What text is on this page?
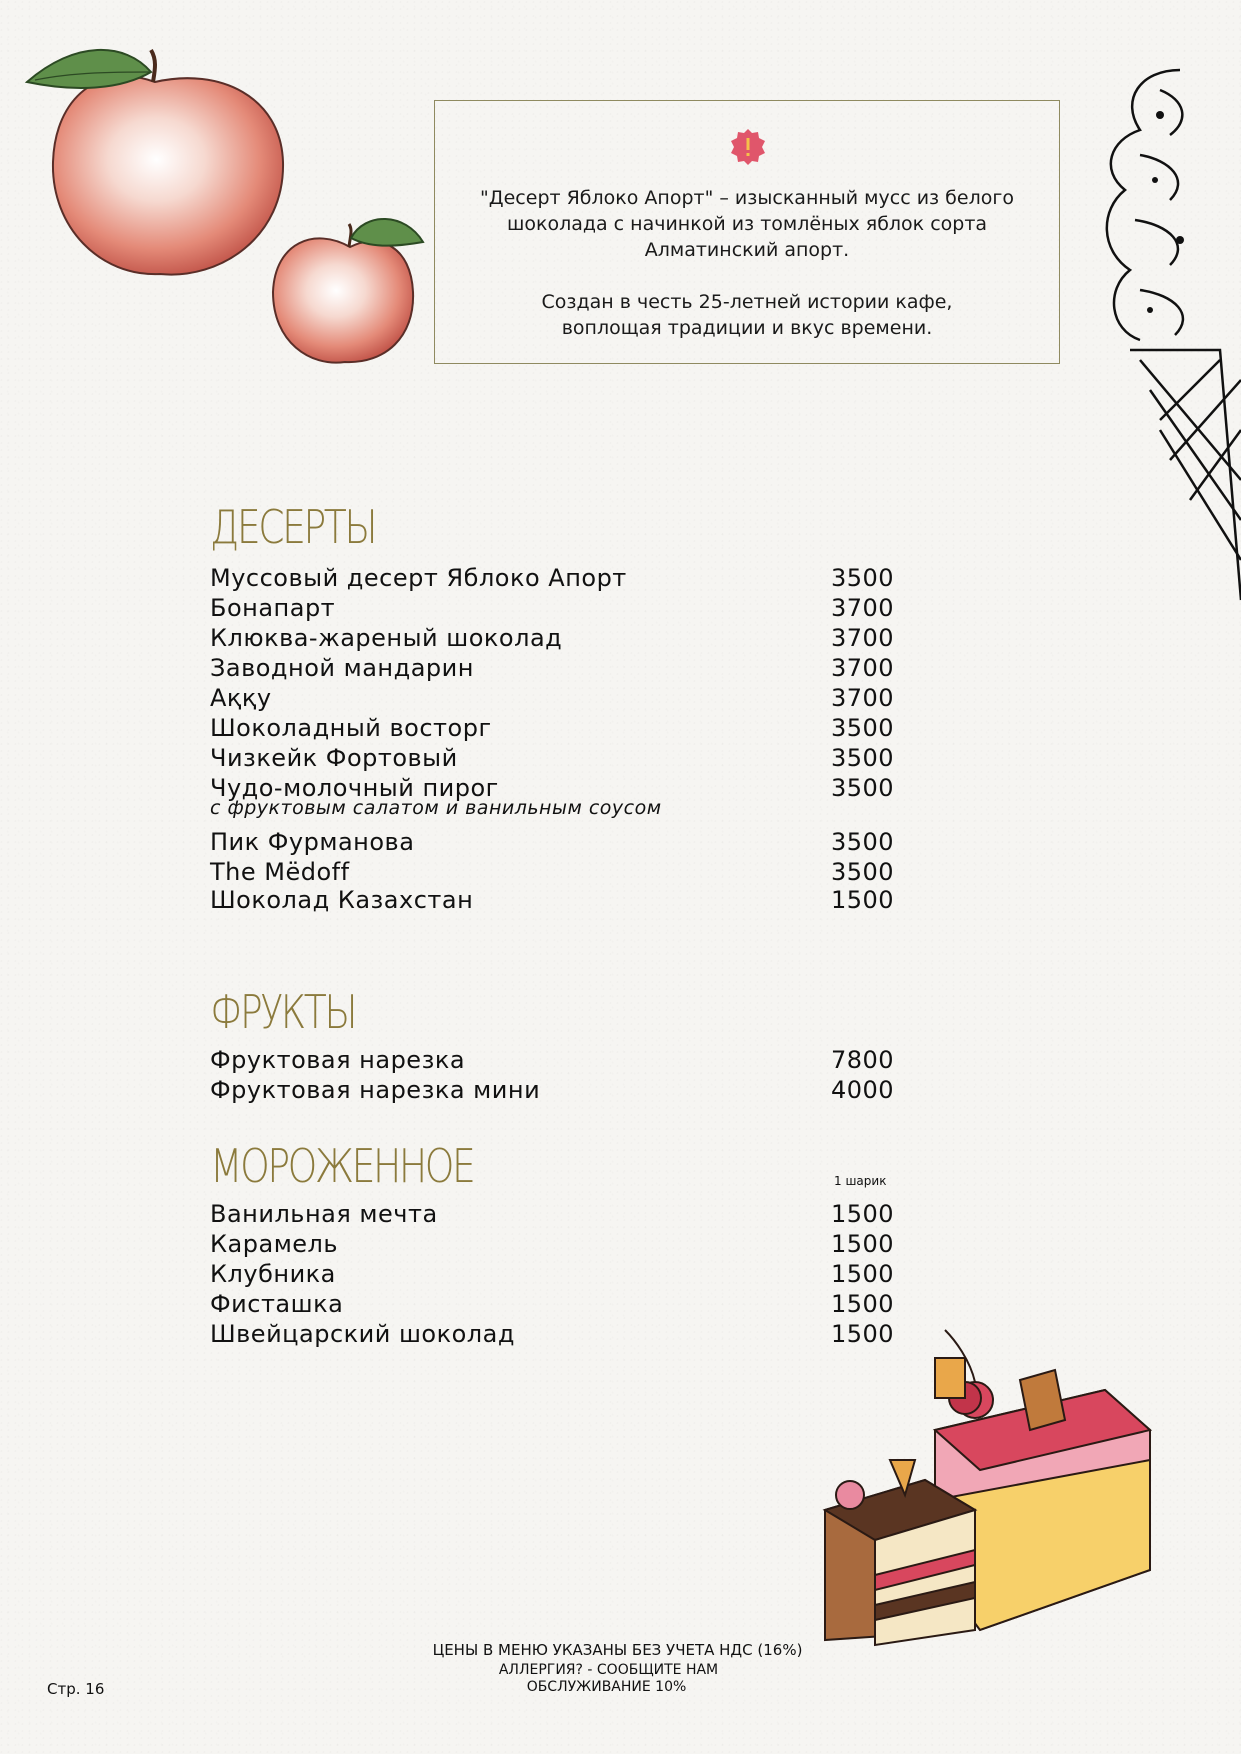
"Десерт Яблоко Апорт" – изысканный мусс из белого

шоколада с начинкой из томлёных яблок сорта

Алматинский апорт.

Создан в честь 25-летней истории кафе,

воплощая традиции и вкус времени.

ДЕСЕРТЫ
Муссовый десерт Яблоко Апорт	3500
Бонапарт	3700
Клюква-жареный шоколад	3700
Заводной мандарин	3700
Аққу	3700
Шоколадный восторг	3500
Чизкейк Фортовый	3500
Чудо-молочный пирог	3500
с фруктовым салатом и ванильным соусом
Пик Фурманова	3500
The Mëdoff	3500
Шоколад Казахстан	1500
ФРУКТЫ
Фруктовая нарезка	7800
Фруктовая нарезка мини	4000
МОРОЖЕННОЕ	1 шарик
Ванильная мечта	1500
Карамель	1500
Клубника	1500
Фисташка	1500
Швейцарский шоколад	1500
ЦЕНЫ В МЕНЮ УКАЗАНЫ БЕЗ УЧЕТА НДС (16%)
АЛЛЕРГИЯ? - СООБЩИТЕ НАМ
ОБСЛУЖИВАНИЕ 10%
Стр. 16
